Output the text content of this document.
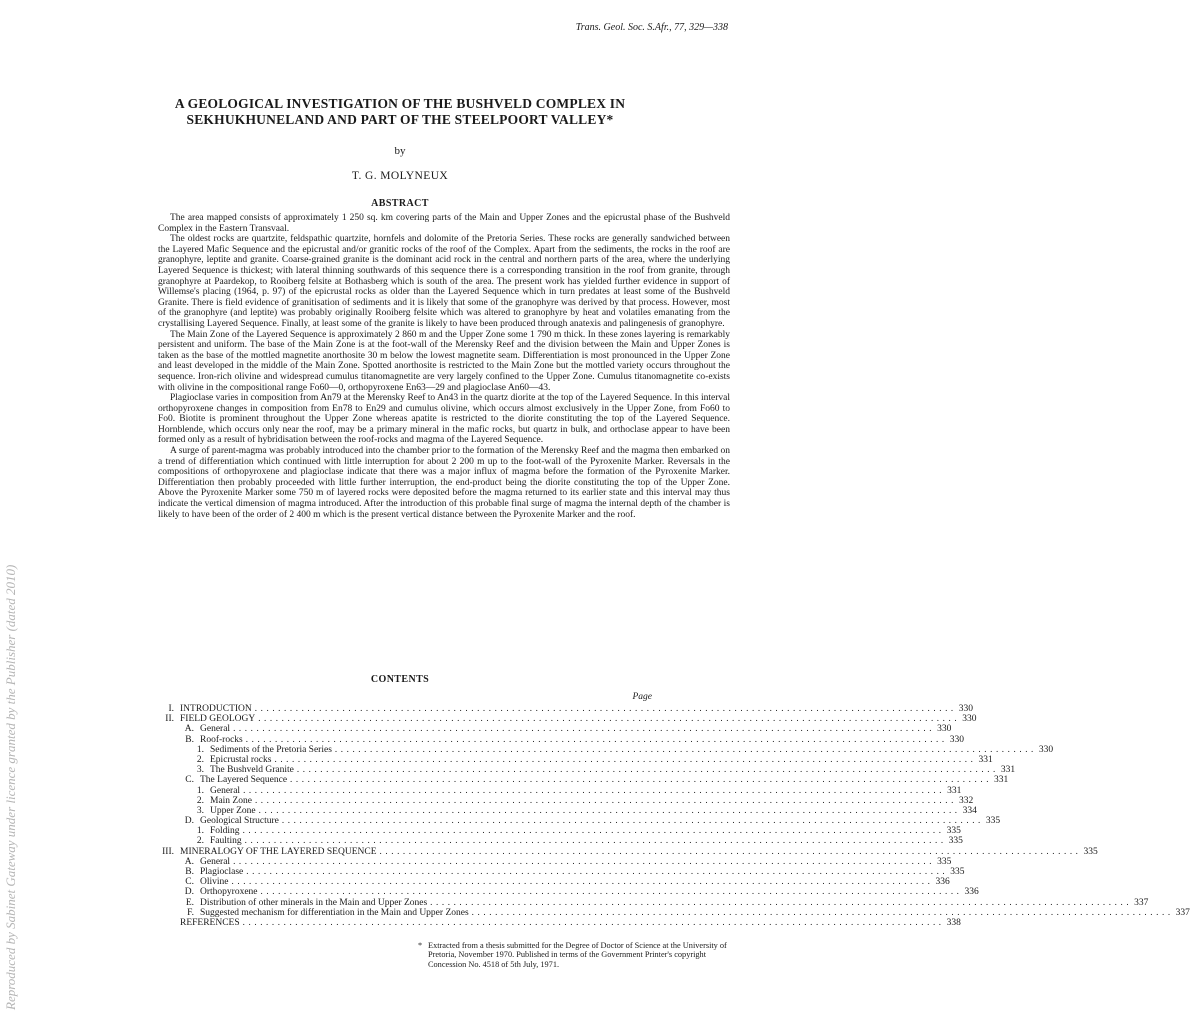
Trans. Geol. Soc. S.Afr., 77, 329—338
Reproduced by Sabinet Gateway under licence granted by the Publisher (dated 2010)
A GEOLOGICAL INVESTIGATION OF THE BUSHVELD COMPLEX IN
SEKHUKHUNELAND AND PART OF THE STEELPOORT VALLEY*
by
T. G. MOLYNEUX
ABSTRACT

The area mapped consists of approximately 1 250 sq. km covering parts of the Main and Upper Zones and the epicrustal phase of the Bushveld Complex in the Eastern Transvaal.

The oldest rocks are quartzite, feldspathic quartzite, hornfels and dolomite of the Pretoria Series. These rocks are generally sandwiched between the Layered Mafic Sequence and the epicrustal and/or granitic rocks of the roof of the Complex. Apart from the sediments, the rocks in the roof are granophyre, leptite and granite. Coarse-grained granite is the dominant acid rock in the central and northern parts of the area, where the underlying Layered Sequence is thickest; with lateral thinning southwards of this sequence there is a corresponding transition in the roof from granite, through granophyre at Paardekop, to Rooiberg felsite at Bothasberg which is south of the area. The present work has yielded further evidence in support of Willemse's placing (1964, p. 97) of the epicrustal rocks as older than the Layered Sequence which in turn predates at least some of the Bushveld Granite. There is field evidence of granitisation of sediments and it is likely that some of the granophyre was derived by that process. However, most of the granophyre (and leptite) was probably originally Rooiberg felsite which was altered to granophyre by heat and volatiles emanating from the crystallising Layered Sequence. Finally, at least some of the granite is likely to have been produced through anatexis and palingenesis of granophyre.

The Main Zone of the Layered Sequence is approximately 2 860 m and the Upper Zone some 1 790 m thick. In these zones layering is remarkably persistent and uniform. The base of the Main Zone is at the foot-wall of the Merensky Reef and the division between the Main and Upper Zones is taken as the base of the mottled magnetite anorthosite 30 m below the lowest magnetite seam. Differentiation is most pronounced in the Upper Zone and least developed in the middle of the Main Zone. Spotted anorthosite is restricted to the Main Zone but the mottled variety occurs throughout the sequence. Iron-rich olivine and widespread cumulus titanomagnetite are very largely confined to the Upper Zone. Cumulus titanomagnetite co-exists with olivine in the compositional range Fo60—0, orthopyroxene En63—29 and plagioclase An60—43.

Plagioclase varies in composition from An79 at the Merensky Reef to An43 in the quartz diorite at the top of the Layered Sequence. In this interval orthopyroxene changes in composition from En78 to En29 and cumulus olivine, which occurs almost exclusively in the Upper Zone, from Fo60 to Fo0. Biotite is prominent throughout the Upper Zone whereas apatite is restricted to the diorite constituting the top of the Layered Sequence. Hornblende, which occurs only near the roof, may be a primary mineral in the mafic rocks, but quartz in bulk, and orthoclase appear to have been formed only as a result of hybridisation between the roof-rocks and magma of the Layered Sequence.

A surge of parent-magma was probably introduced into the chamber prior to the formation of the Merensky Reef and the magma then embarked on a trend of differentiation which continued with little interruption for about 2 200 m up to the foot-wall of the Pyroxenite Marker. Reversals in the compositions of orthopyroxene and plagioclase indicate that there was a major influx of magma before the formation of the Pyroxenite Marker. Differentiation then probably proceeded with little further interruption, the end-product being the diorite constituting the top of the Upper Zone. Above the Pyroxenite Marker some 750 m of layered rocks were deposited before the magma returned to its earlier state and this interval may thus indicate the vertical dimension of magma introduced. After the introduction of this probable final surge of magma the internal depth of the chamber is likely to have been of the order of 2 400 m which is the present vertical distance between the Pyroxenite Marker and the roof.

CONTENTS
Page
I. INTRODUCTION ........................................................................................................................ 330
II. FIELD GEOLOGY ........................................................................................................................ 330
A. General ........................................................................................................................ 330
B. Roof-rocks ........................................................................................................................ 330
1. Sediments of the Pretoria Series ........................................................................................................................ 330
2. Epicrustal rocks ........................................................................................................................ 331
3. The Bushveld Granite ........................................................................................................................ 331
C. The Layered Sequence ........................................................................................................................ 331
1. General ........................................................................................................................ 331
2. Main Zone ........................................................................................................................ 332
3. Upper Zone ........................................................................................................................ 334
D. Geological Structure ........................................................................................................................ 335
1. Folding ........................................................................................................................ 335
2. Faulting ........................................................................................................................ 335
III. MINERALOGY OF THE LAYERED SEQUENCE ........................................................................................................................ 335
A. General ........................................................................................................................ 335
B. Plagioclase ........................................................................................................................ 335
C. Olivine ........................................................................................................................ 336
D. Orthopyroxene ........................................................................................................................ 336
E. Distribution of other minerals in the Main and Upper Zones ........................................................................................................................ 337
F. Suggested mechanism for differentiation in the Main and Upper Zones ........................................................................................................................ 337
REFERENCES ........................................................................................................................ 338
* Extracted from a thesis submitted for the Degree of Doctor of Science at the University of Pretoria, November 1970. Published in terms of the Government Printer's copyright Concession No. 4518 of 5th July, 1971.
